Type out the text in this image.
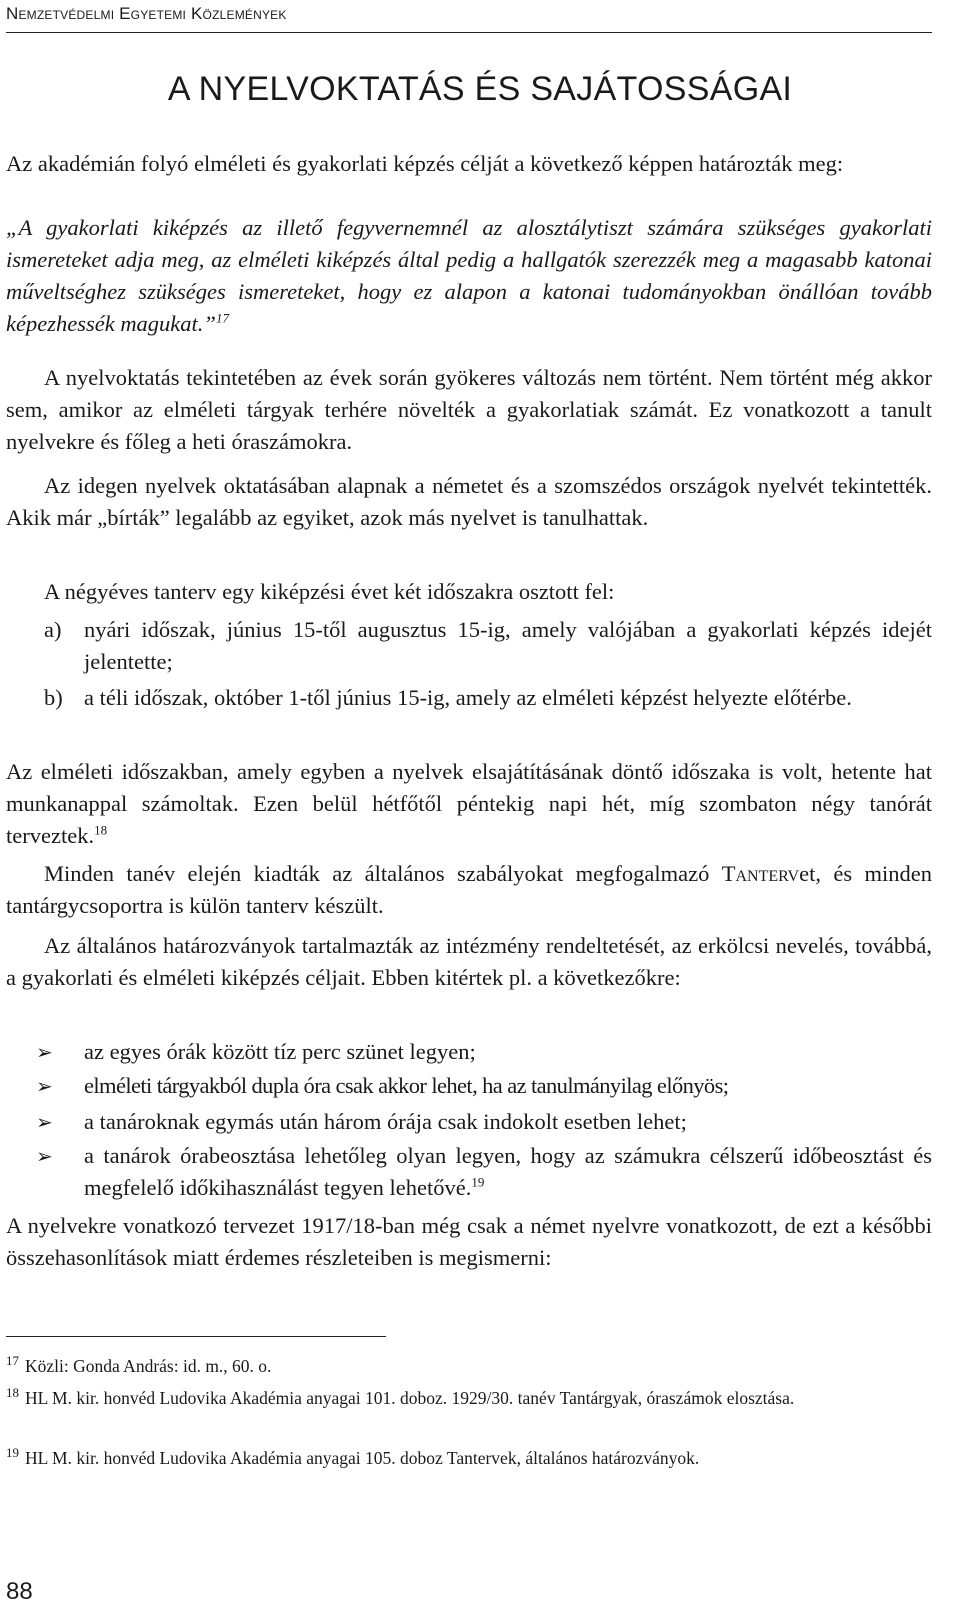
Nemzetvédelmi Egyetemi Közlemények
A NYELVOKTATÁS ÉS SAJÁTOSSÁGAI

Az akadémián folyó elméleti és gyakorlati képzés célját a következő képpen határozták meg:

„A gyakorlati kiképzés az illető fegyvernemnél az alosztálytiszt számára szükséges gyakorlati ismereteket adja meg, az elméleti kiképzés által pedig a hallgatók szerezzék meg a magasabb katonai műveltséghez szükséges ismereteket, hogy ez alapon a katonai tudományokban önállóan tovább képezhessék magukat.”$^{17}$

A nyelvoktatás tekintetében az évek során gyökeres változás nem történt. Nem történt még akkor sem, amikor az elméleti tárgyak terhére növelték a gyakorlatiak számát. Ez vonatkozott a tanult nyelvekre és főleg a heti óraszámokra.

Az idegen nyelvek oktatásában alapnak a németet és a szomszédos országok nyelvét tekintették. Akik már „bírták” legalább az egyiket, azok más nyelvet is tanulhattak.

A négyéves tanterv egy kiképzési évet két időszakra osztott fel:

a) nyári időszak, június 15-től augusztus 15-ig, amely valójában a gyakorlati képzés idejét jelentette;
b) a téli időszak, október 1-től június 15-ig, amely az elméleti képzést helyezte előtérbe.

Az elméleti időszakban, amely egyben a nyelvek elsajátításának döntő időszaka is volt, hetente hat munkanappal számoltak. Ezen belül hétfőtől péntekig napi hét, míg szombaton négy tanórát terveztek.$^{18}$

Minden tanév elején kiadták az általános szabályokat megfogalmazó Tantervet, és minden tantárgycsoportra is külön tanterv készült.

Az általános határozványok tartalmazták az intézmény rendeltetését, az erkölcsi nevelés, továbbá, a gyakorlati és elméleti kiképzés céljait. Ebben kitértek pl. a következőkre:

➢ az egyes órák között tíz perc szünet legyen;
➢ elméleti tárgyakból dupla óra csak akkor lehet, ha az tanulmányilag előnyös;
➢ a tanároknak egymás után három órája csak indokolt esetben lehet;
➢ a tanárok órabeosztása lehetőleg olyan legyen, hogy az számukra célszerű időbeosztást és megfelelő időkihasználást tegyen lehetővé.$^{19}$

A nyelvekre vonatkozó tervezet 1917/18-ban még csak a német nyelvre vonatkozott, de ezt a későbbi összehasonlítások miatt érdemes részleteiben is megismerni:

$^{17}$ Közli: Gonda András: id. m., 60. o.
$^{18}$ HL M. kir. honvéd Ludovika Akadémia anyagai 101. doboz. 1929/30. tanév Tantárgyak, óraszámok elosztása.
$^{19}$ HL M. kir. honvéd Ludovika Akadémia anyagai 105. doboz Tantervek, általános határozványok.
88
